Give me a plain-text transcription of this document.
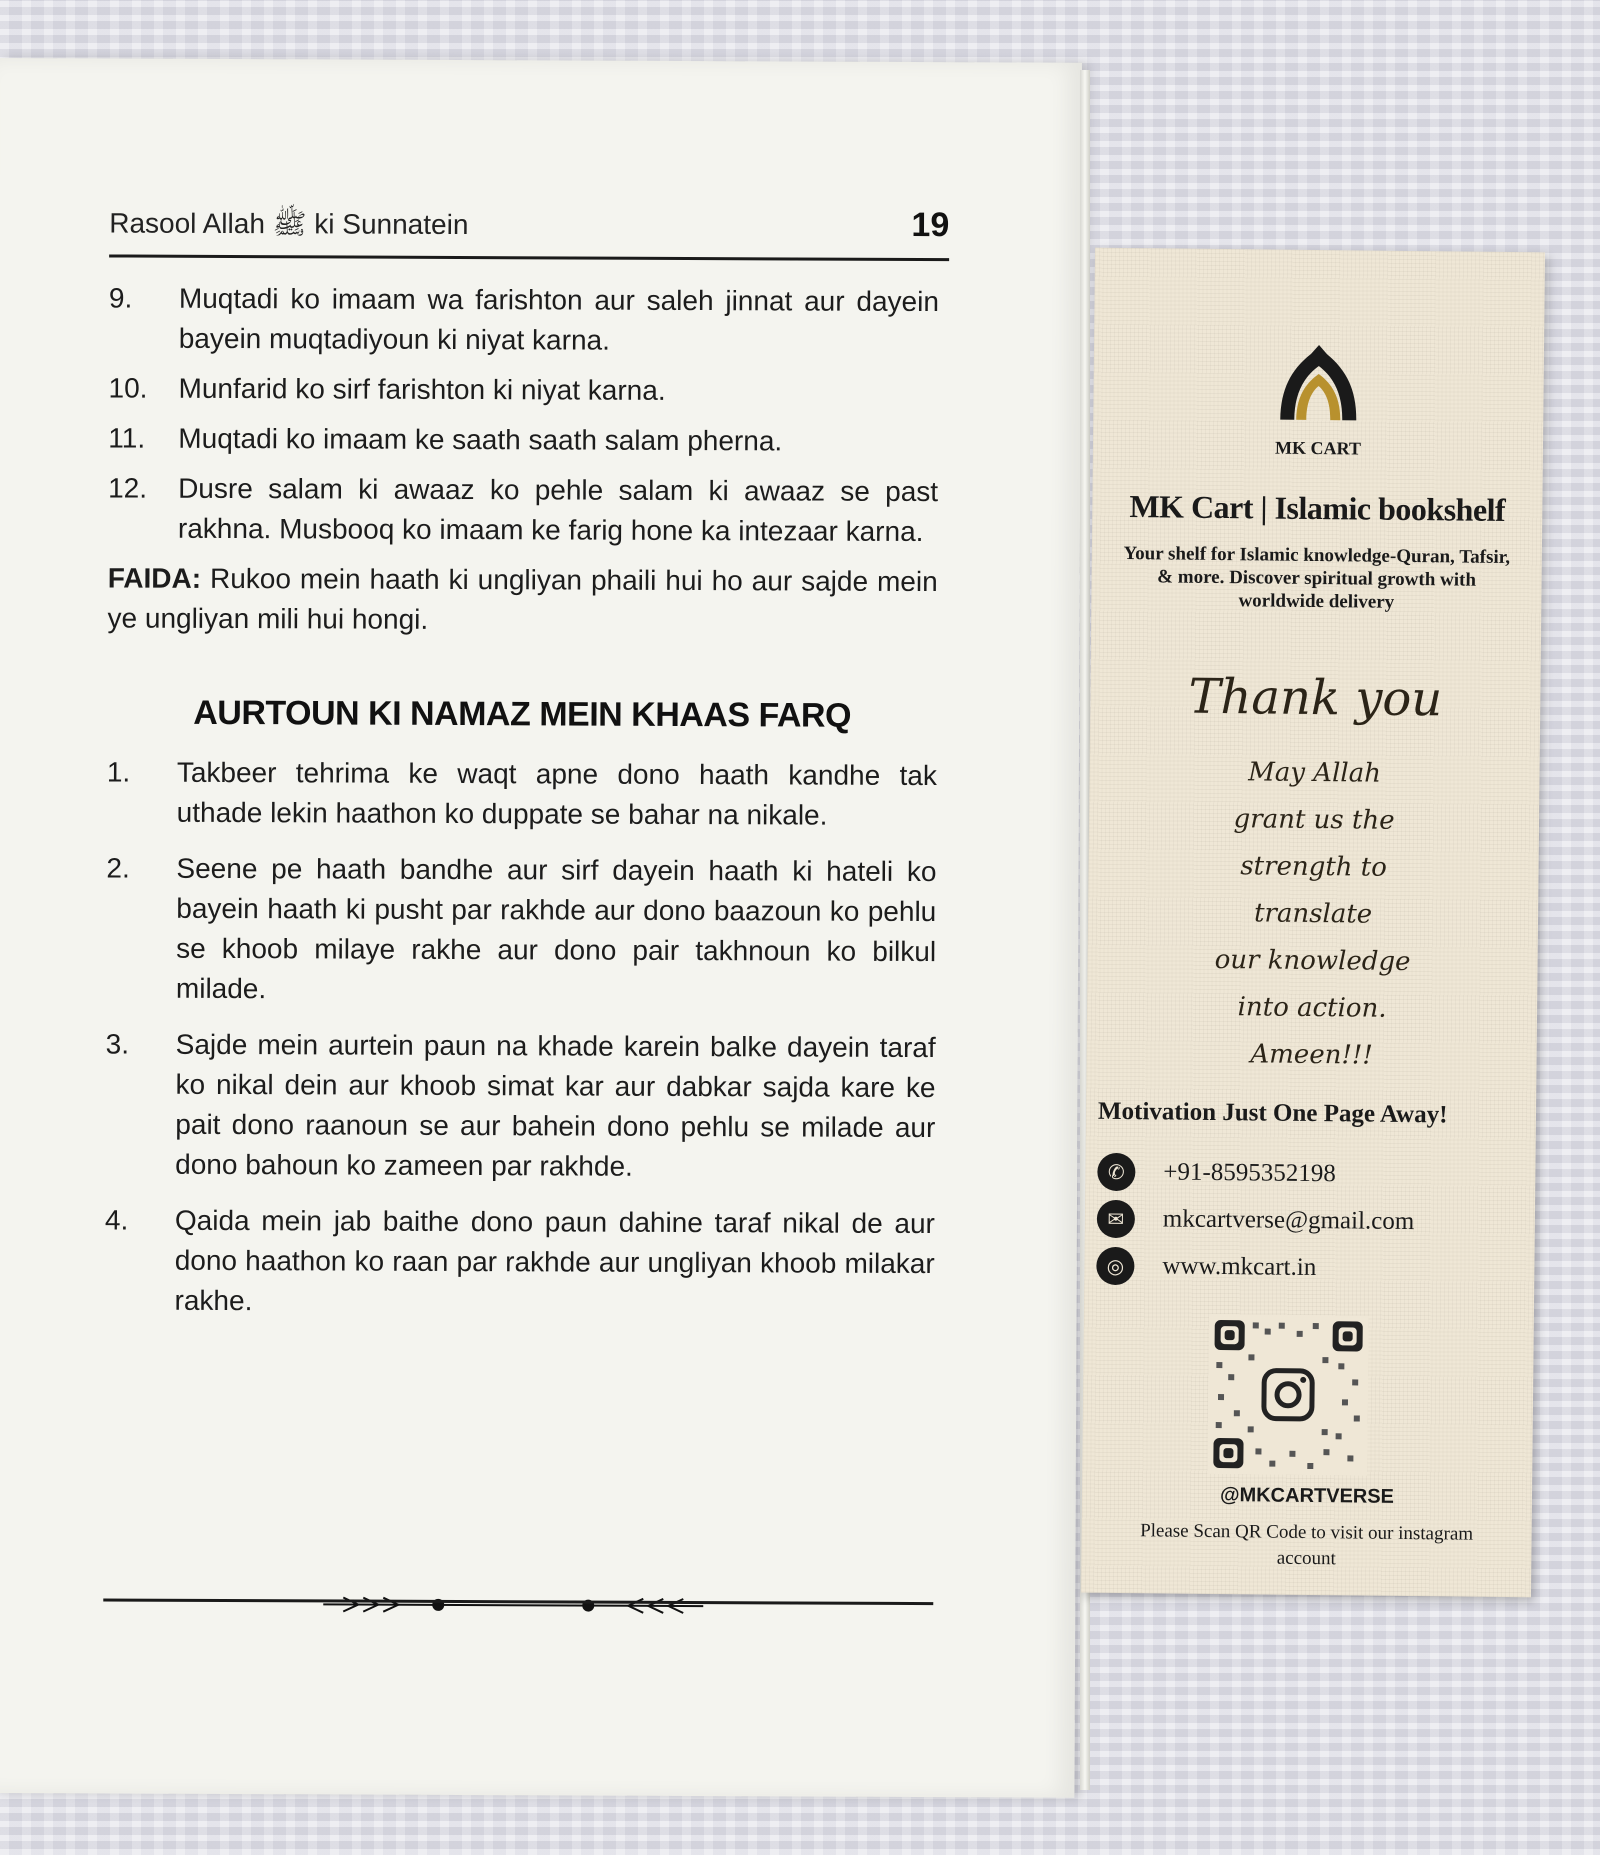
Rasool Allah ﷺ ki Sunnatein	19
9. Muqtadi ko imaam wa farishton aur saleh jinnat aur dayein bayein muqtadiyoun ki niyat karna.
10. Munfarid ko sirf farishton ki niyat karna.
11. Muqtadi ko imaam ke saath saath salam pherna.
12. Dusre salam ki awaaz ko pehle salam ki awaaz se past rakhna. Musbooq ko imaam ke farig hone ka intezaar karna.
FAIDA: Rukoo mein haath ki ungliyan phaili hui ho aur sajde mein ye ungliyan mili hui hongi.
AURTOUN KI NAMAZ MEIN KHAAS FARQ
1. Takbeer tehrima ke waqt apne dono haath kandhe tak uthade lekin haathon ko duppate se bahar na nikale.
2. Seene pe haath bandhe aur sirf dayein haath ki hateli ko bayein haath ki pusht par rakhde aur dono baazoun ko pehlu se khoob milaye rakhe aur dono pair takhnoun ko bilkul milade.
3. Sajde mein aurtein paun na khade karein balke dayein taraf ko nikal dein aur khoob simat kar aur dabkar sajda kare ke pait dono raanoun se aur bahein dono pehlu se milade aur dono bahoun ko zameen par rakhde.
4. Qaida mein jab baithe dono paun dahine taraf nikal de aur dono haathon ko raan par rakhde aur ungliyan khoob milakar rakhe.
MK CART
MK Cart | Islamic bookshelf
Your shelf for Islamic knowledge-Quran, Tafsir, & more. Discover spiritual growth with worldwide delivery
Thank you
May Allah
grant us the
strength to
translate
our knowledge
into action.
Ameen!!!
Motivation Just One Page Away!
✆	+91-8595352198
✉	mkcartverse@gmail.com
◎	www.mkcart.in
@MKCARTVERSE
Please Scan QR Code to visit our instagram account
